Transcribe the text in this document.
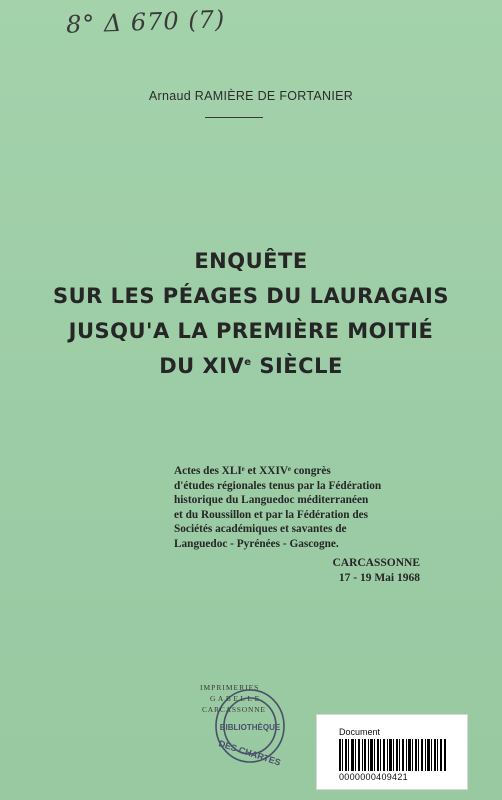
8° Δ 670 (7)
Arnaud RAMIÈRE DE FORTANIER
ENQUÊTE
SUR LES PÉAGES DU LAURAGAIS
JUSQU'A LA PREMIÈRE MOITIÉ
DU XIVe SIÈCLE
Actes des XLIᵉ et XXIVᵉ congrès
d'études régionales tenus par la Fédération
historique du Languedoc méditerranéen
et du Roussillon et par la Fédération des
Sociétés académiques et savantes de
Languedoc - Pyrénées - Gascogne.
CARCASSONNE
17 - 19 Mai 1968
IMPRIMERIES
GABELLE
CARCASSONNE
BIBLIOTHÈQUE
DES CHARTES
Document
0000000409421
